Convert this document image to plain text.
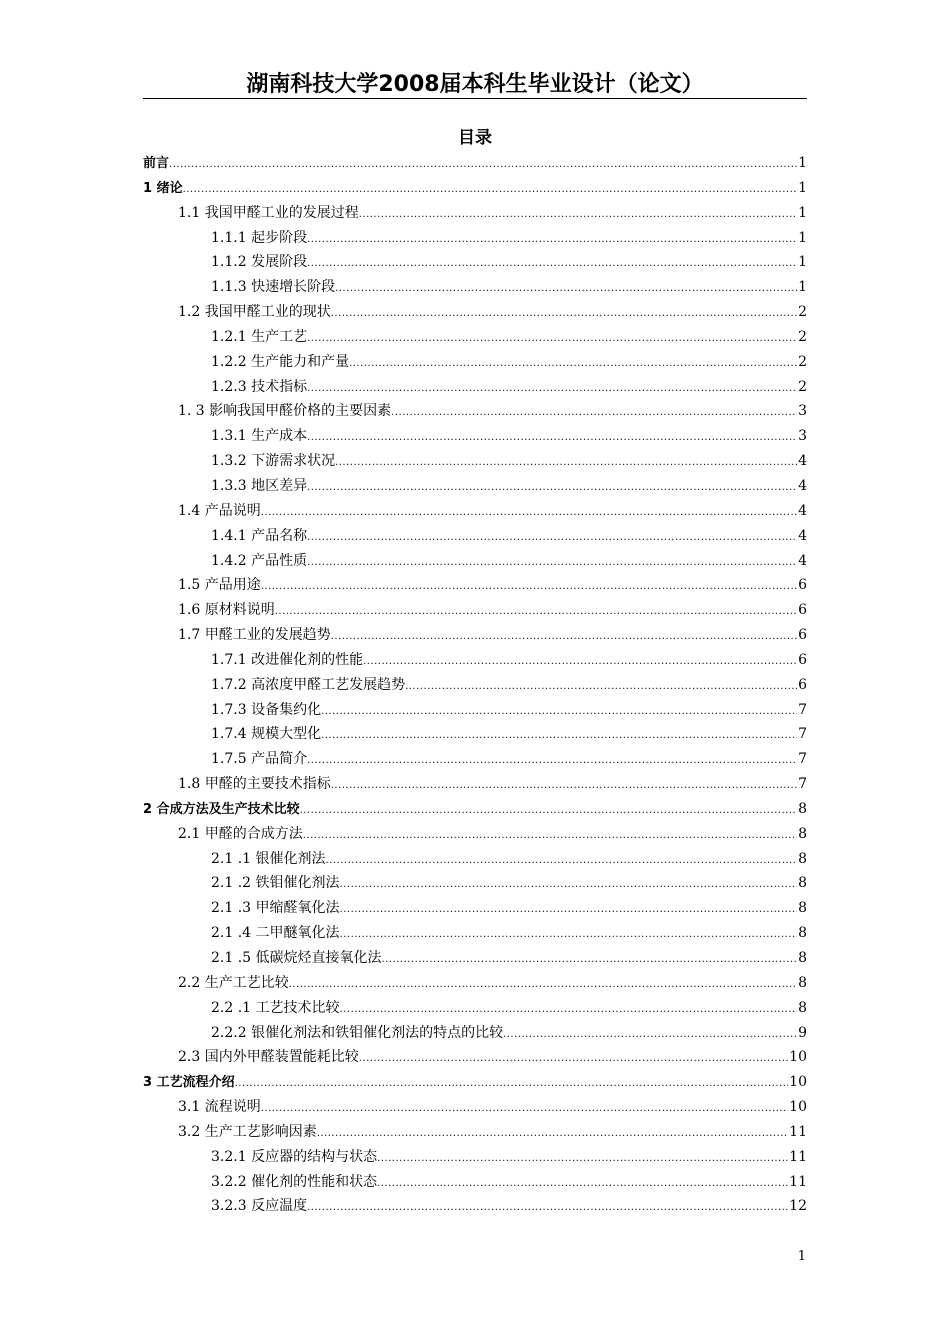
湖南科技大学2008届本科生毕业设计（论文）
目录
前言 .....	1
1 绪论 .....	1
1.1 我国甲醛工业的发展过程 .....	1
1.1.1 起步阶段 .....	1
1.1.2 发展阶段 .....	1
1.1.3 快速增长阶段 .....	1
1.2 我国甲醛工业的现状 .....	2
1.2.1 生产工艺 .....	2
1.2.2 生产能力和产量 .....	2
1.2.3 技术指标 .....	2
1. 3 影响我国甲醛价格的主要因素 .....	3
1.3.1 生产成本 .....	3
1.3.2 下游需求状况 .....	4
1.3.3 地区差异 .....	4
1.4 产品说明 .....	4
1.4.1 产品名称 .....	4
1.4.2 产品性质 .....	4
1.5 产品用途 .....	6
1.6 原材料说明 .....	6
1.7 甲醛工业的发展趋势 .....	6
1.7.1 改进催化剂的性能 .....	6
1.7.2 高浓度甲醛工艺发展趋势 .....	6
1.7.3 设备集约化 .....	7
1.7.4 规模大型化 .....	7
1.7.5 产品简介 .....	7
1.8 甲醛的主要技术指标 .....	7
2 合成方法及生产技术比较 .....	8
2.1 甲醛的合成方法 .....	8
2.1 .1 银催化剂法 .....	8
2.1 .2 铁钼催化剂法 .....	8
2.1 .3 甲缩醛氧化法 .....	8
2.1 .4 二甲醚氧化法 .....	8
2.1 .5 低碳烷烃直接氧化法 .....	8
2.2 生产工艺比较 .....	8
2.2 .1 工艺技术比较 .....	8
2.2.2 银催化剂法和铁钼催化剂法的特点的比较 .....	9
2.3 国内外甲醛装置能耗比较 .....	10
3 工艺流程介绍 .....	10
3.1 流程说明 .....	10
3.2 生产工艺影响因素 .....	11
3.2.1 反应器的结构与状态 .....	11
3.2.2 催化剂的性能和状态 .....	11
3.2.3 反应温度 .....	12
1
